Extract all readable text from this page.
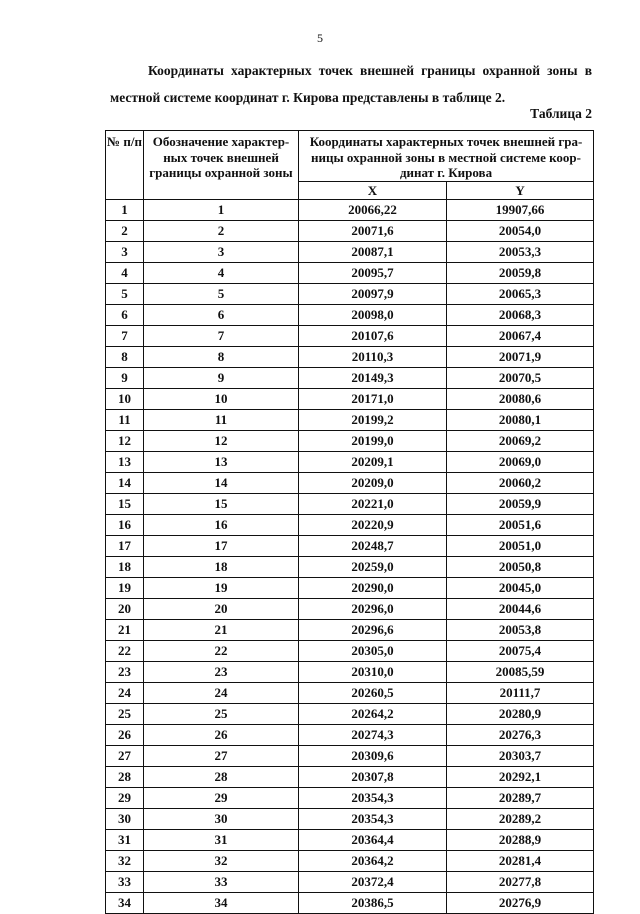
5

Координаты характерных точек внешней границы охранной зоны в местной системе координат г. Кирова представлены в таблице 2.

Таблица 2
№ п/п	Обозначение характер-ных точек внешней границы охранной зоны	Координаты характерных точек внешней гра-ницы охранной зоны в местной системе коор-динат г. Кирова	
		X	Y
1	1	20066,22	19907,66
2	2	20071,6	20054,0
3	3	20087,1	20053,3
4	4	20095,7	20059,8
5	5	20097,9	20065,3
6	6	20098,0	20068,3
7	7	20107,6	20067,4
8	8	20110,3	20071,9
9	9	20149,3	20070,5
10	10	20171,0	20080,6
11	11	20199,2	20080,1
12	12	20199,0	20069,2
13	13	20209,1	20069,0
14	14	20209,0	20060,2
15	15	20221,0	20059,9
16	16	20220,9	20051,6
17	17	20248,7	20051,0
18	18	20259,0	20050,8
19	19	20290,0	20045,0
20	20	20296,0	20044,6
21	21	20296,6	20053,8
22	22	20305,0	20075,4
23	23	20310,0	20085,59
24	24	20260,5	20111,7
25	25	20264,2	20280,9
26	26	20274,3	20276,3
27	27	20309,6	20303,7
28	28	20307,8	20292,1
29	29	20354,3	20289,7
30	30	20354,3	20289,2
31	31	20364,4	20288,9
32	32	20364,2	20281,4
33	33	20372,4	20277,8
34	34	20386,5	20276,9
